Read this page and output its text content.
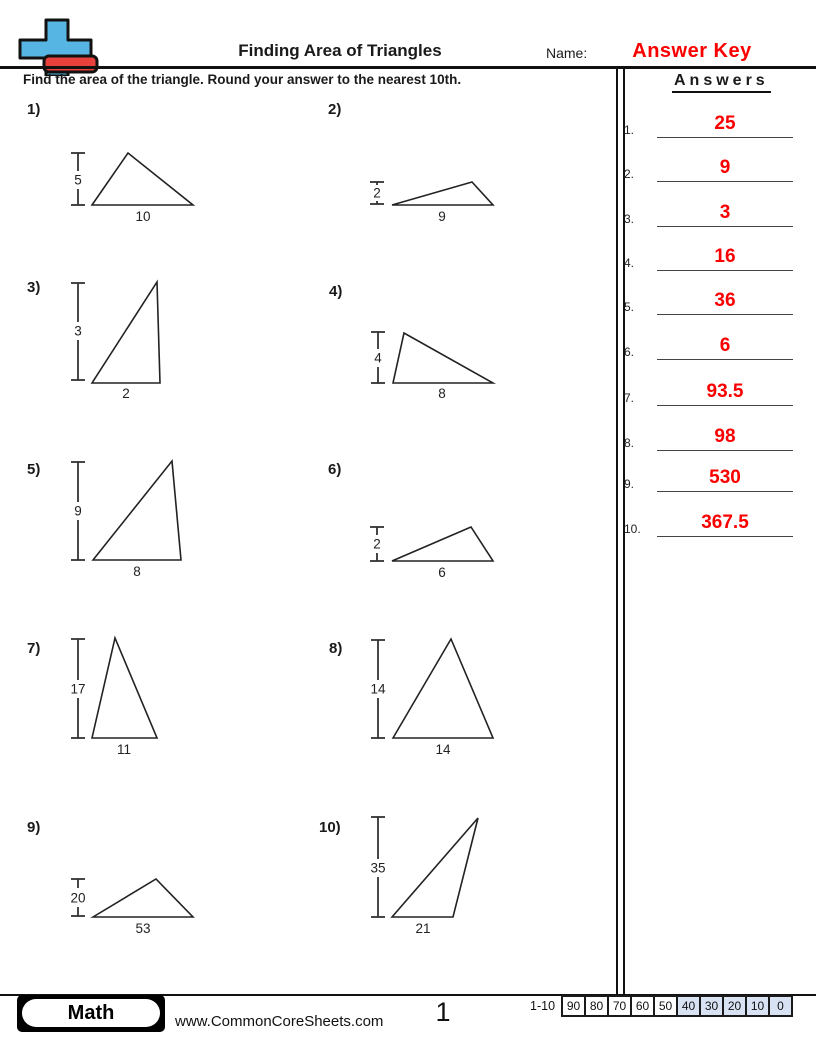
Finding Area of Triangles	Name:	Answer Key
Find the area of the triangle. Round your answer to the nearest 10th.	Answers
1.	25
2.	9
3.	3
4.	16
5.	36
6.	6
7.	93.5
8.	98
9.	530
10.	367.5
1)
5
10
2)
2
9
3)
3
2
4)
4
8
5)
9
8
6)
2
6
7)
17
11
8)
14
14
9)
20
53
10)
35
21
Math	www.CommonCoreSheets.com	1	1-10 90 80 70 60 50 40 30 20 10	0
